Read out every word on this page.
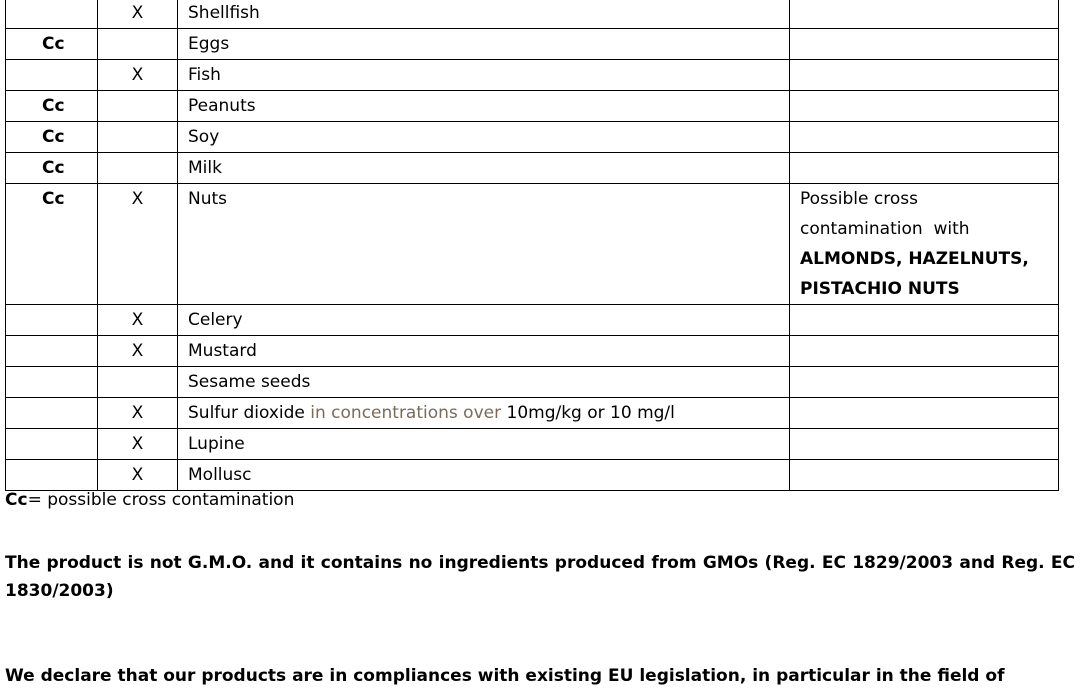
	X	Shellfish	
Cc		Eggs	
	X	Fish	
Cc		Peanuts	
Cc		Soy	
Cc		Milk	
Cc	X	Nuts	Possible cross
contamination  with
ALMONDS, HAZELNUTS,
PISTACHIO NUTS

	X	Celery	
	X	Mustard	
		Sesame seeds	
	X	Sulfur dioxide in concentrations over 10mg/kg or 10 mg/l	
	X	Lupine	
	X	Mollusc	
Cc= possible cross contamination
The product is not G.M.O. and it contains no ingredients produced from GMOs (Reg. EC 1829/2003 and Reg. EC 1830/2003)
We declare that our products are in compliances with existing EU legislation, in particular in the field of
